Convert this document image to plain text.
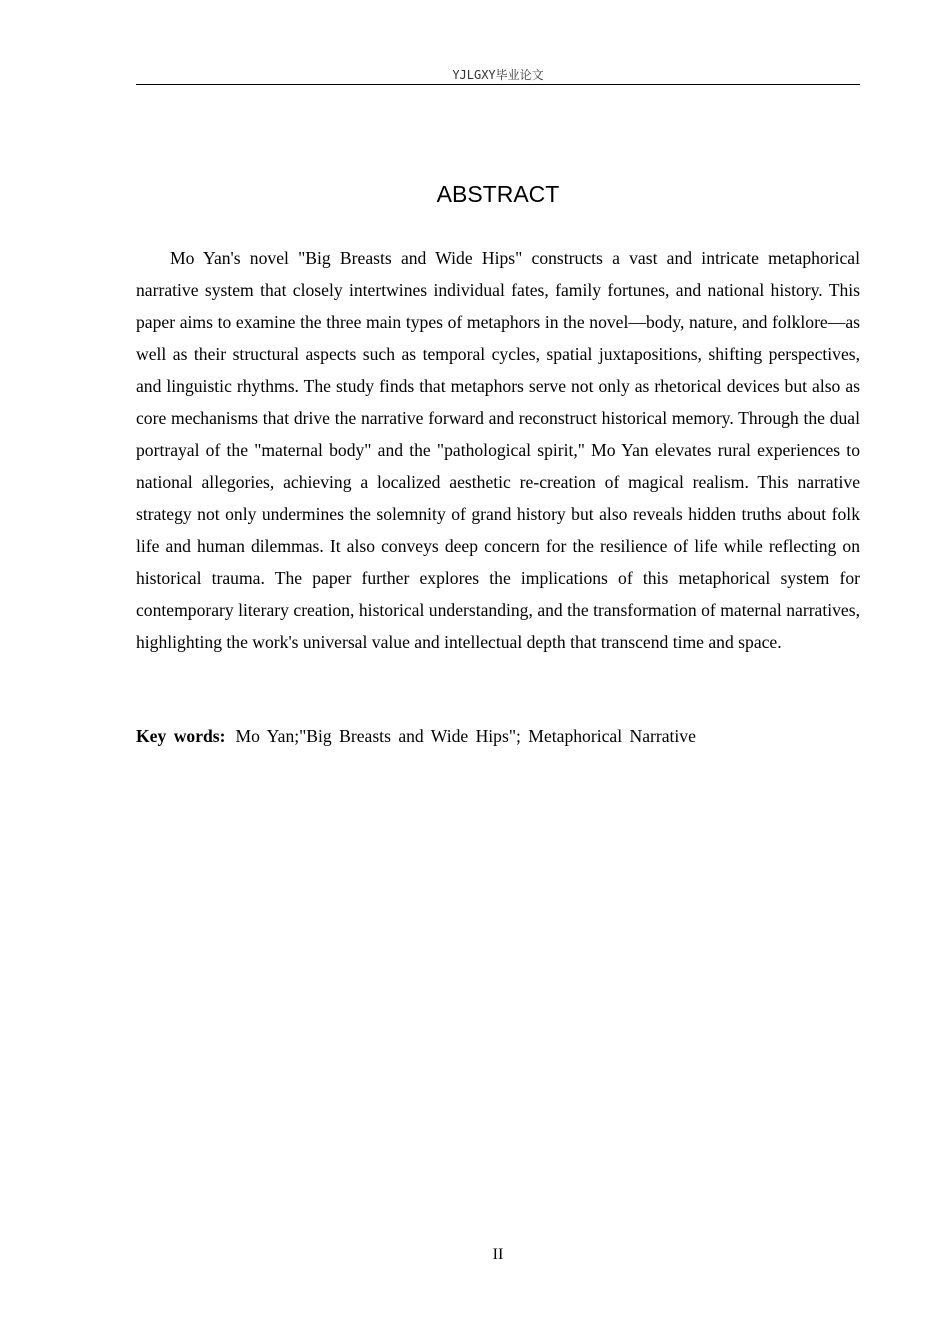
YJLGXY毕业论文
ABSTRACT

Mo Yan's novel "Big Breasts and Wide Hips" constructs a vast and intricate metaphorical narrative system that closely intertwines individual fates, family fortunes, and national history. This paper aims to examine the three main types of metaphors in the novel—body, nature, and folklore—as well as their structural aspects such as temporal cycles, spatial juxtapositions, shifting perspectives, and linguistic rhythms. The study finds that metaphors serve not only as rhetorical devices but also as core mechanisms that drive the narrative forward and reconstruct historical memory. Through the dual portrayal of the "maternal body" and the "pathological spirit," Mo Yan elevates rural experiences to national allegories, achieving a localized aesthetic re-creation of magical realism. This narrative strategy not only undermines the solemnity of grand history but also reveals hidden truths about folk life and human dilemmas. It also conveys deep concern for the resilience of life while reflecting on historical trauma. The paper further explores the implications of this metaphorical system for contemporary literary creation, historical understanding, and the transformation of maternal narratives, highlighting the work's universal value and intellectual depth that transcend time and space.

Key words: Mo Yan;"Big Breasts and Wide Hips"; Metaphorical Narrative

II
